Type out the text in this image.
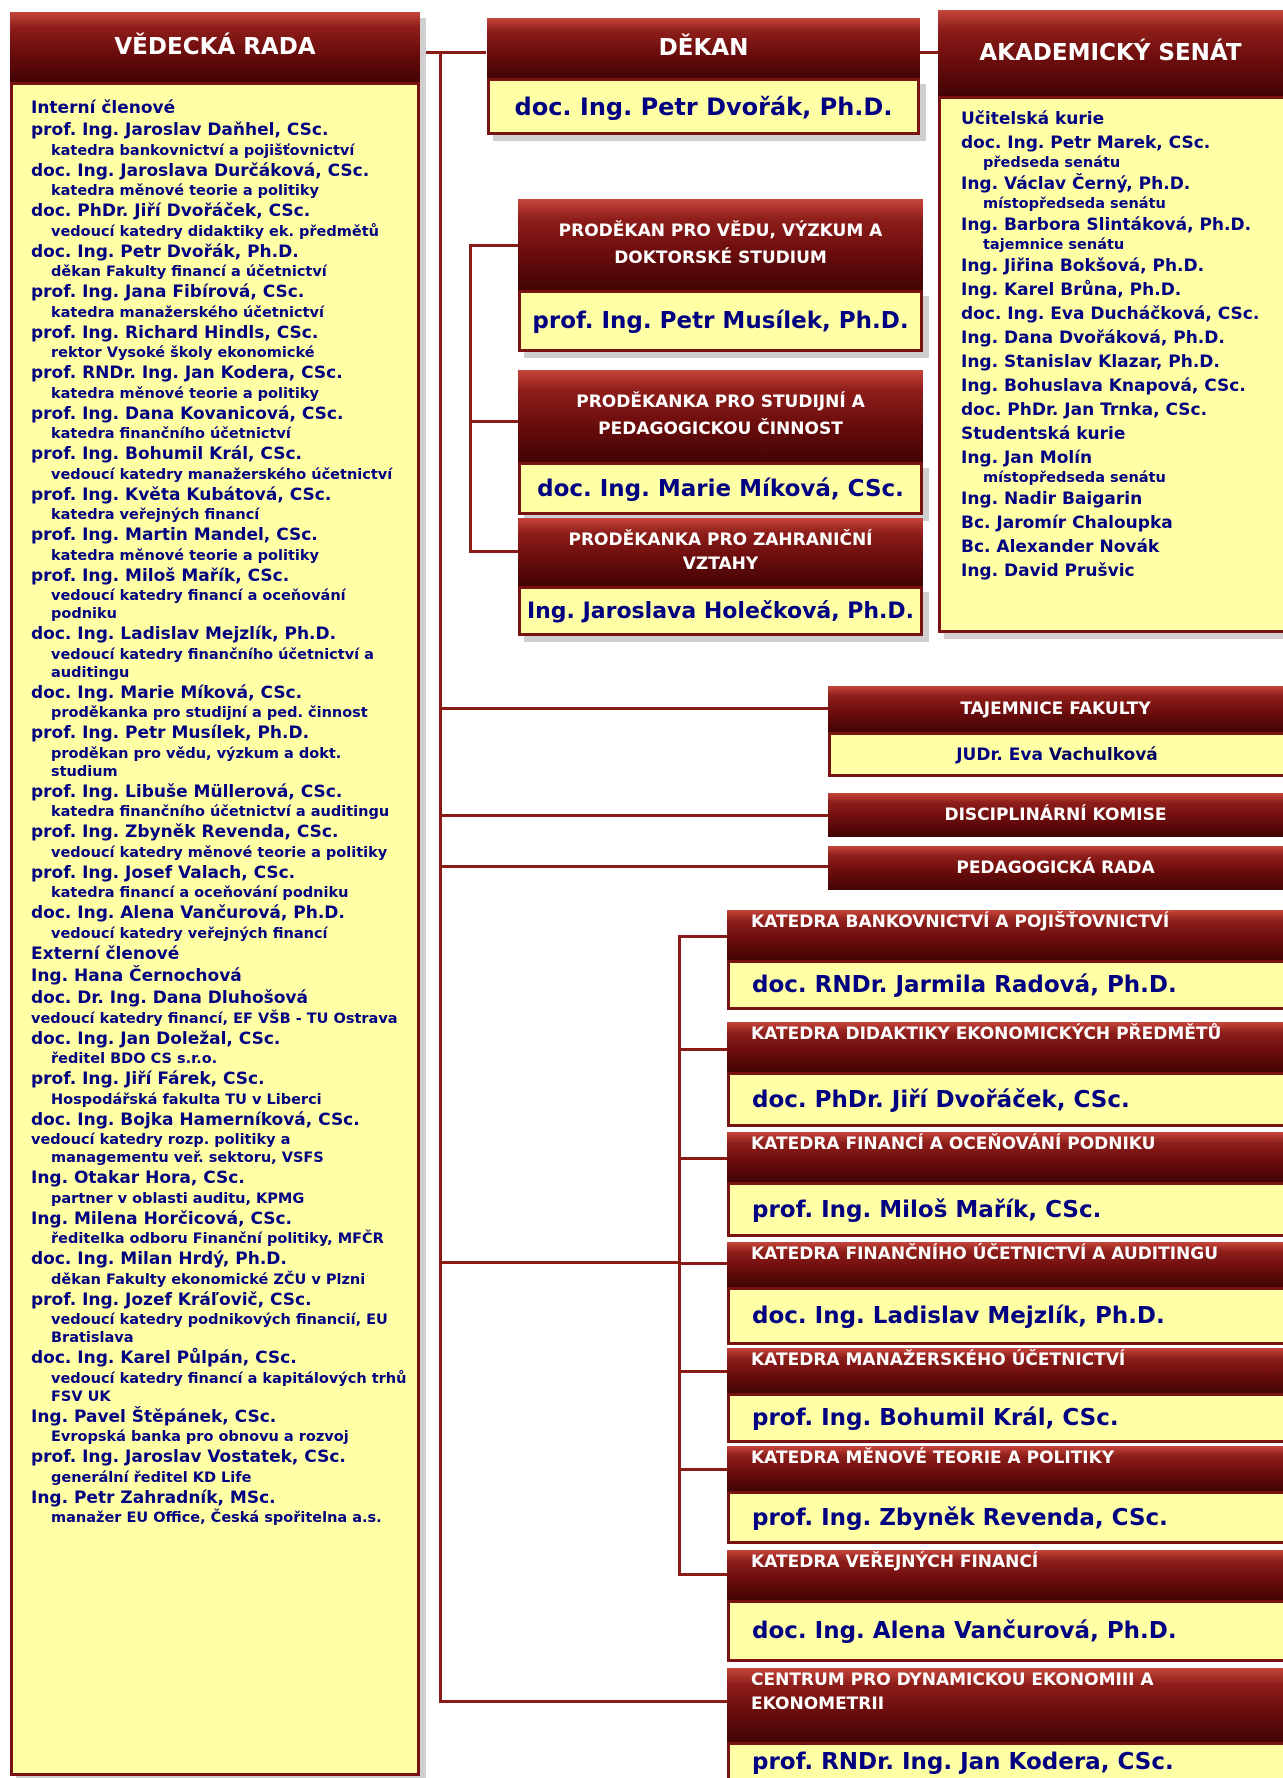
VĚDECKÁ RADA
Interní členové
prof. Ing. Jaroslav Daňhel, CSc.
katedra bankovnictví a pojišťovnictví
doc. Ing. Jaroslava Durčáková, CSc.
katedra měnové teorie a politiky
doc. PhDr. Jiří Dvořáček, CSc.
vedoucí katedry didaktiky ek. předmětů
doc. Ing. Petr Dvořák, Ph.D.
děkan Fakulty financí a účetnictví
prof. Ing. Jana Fibírová, CSc.
katedra manažerského účetnictví
prof. Ing. Richard Hindls, CSc.
rektor Vysoké školy ekonomické
prof. RNDr. Ing. Jan Kodera, CSc.
katedra měnové teorie a politiky
prof. Ing. Dana Kovanicová, CSc.
katedra finančního účetnictví
prof. Ing. Bohumil Král, CSc.
vedoucí katedry manažerského účetnictví
prof. Ing. Květa Kubátová, CSc.
katedra veřejných financí
prof. Ing. Martin Mandel, CSc.
katedra měnové teorie a politiky
prof. Ing. Miloš Mařík, CSc.
vedoucí katedry financí a oceňování
podniku
doc. Ing. Ladislav Mejzlík, Ph.D.
vedoucí katedry finančního účetnictví a
auditingu
doc. Ing. Marie Míková, CSc.
proděkanka pro studijní a ped. činnost
prof. Ing. Petr Musílek, Ph.D.
proděkan pro vědu, výzkum a dokt.
studium
prof. Ing. Libuše Müllerová, CSc.
katedra finančního účetnictví a auditingu
prof. Ing. Zbyněk Revenda, CSc.
vedoucí katedry měnové teorie a politiky
prof. Ing. Josef Valach, CSc.
katedra financí a oceňování podniku
doc. Ing. Alena Vančurová, Ph.D.
vedoucí katedry veřejných financí
Externí členové
Ing. Hana Černochová
doc. Dr. Ing. Dana Dluhošová
vedoucí katedry financí, EF VŠB - TU Ostrava
doc. Ing. Jan Doležal, CSc.
ředitel BDO CS s.r.o.
prof. Ing. Jiří Fárek, CSc.
Hospodářská fakulta TU v Liberci
doc. Ing. Bojka Hamerníková, CSc.
vedoucí katedry rozp. politiky a
managementu veř. sektoru, VSFS
Ing. Otakar Hora, CSc.
partner v oblasti auditu, KPMG
Ing. Milena Horčicová, CSc.
ředitelka odboru Finanční politiky, MFČR
doc. Ing. Milan Hrdý, Ph.D.
děkan Fakulty ekonomické ZČU v Plzni
prof. Ing. Jozef Kráľovič, CSc.
vedoucí katedry podnikových financií, EU
Bratislava
doc. Ing. Karel Půlpán, CSc.
vedoucí katedry financí a kapitálových trhů
FSV UK
Ing. Pavel Štěpánek, CSc.
Evropská banka pro obnovu a rozvoj
prof. Ing. Jaroslav Vostatek, CSc.
generální ředitel KD Life
Ing. Petr Zahradník, MSc.
manažer EU Office, Česká spořitelna a.s.
DĚKAN
doc. Ing. Petr Dvořák, Ph.D.
PRODĚKAN PRO VĚDU, VÝZKUM A
DOKTORSKÉ STUDIUM
prof. Ing. Petr Musílek, Ph.D.
PRODĚKANKA PRO STUDIJNÍ A
PEDAGOGICKOU ČINNOST
doc. Ing. Marie Míková, CSc.
PRODĚKANKA PRO ZAHRANIČNÍ
VZTAHY
Ing. Jaroslava Holečková, Ph.D.
AKADEMICKÝ SENÁT
Učitelská kurie
doc. Ing. Petr Marek, CSc.
předseda senátu
Ing. Václav Černý, Ph.D.
místopředseda senátu
Ing. Barbora Slintáková, Ph.D.
tajemnice senátu
Ing. Jiřina Bokšová, Ph.D.
Ing. Karel Brůna, Ph.D.
doc. Ing. Eva Ducháčková, CSc.
Ing. Dana Dvořáková, Ph.D.
Ing. Stanislav Klazar, Ph.D.
Ing. Bohuslava Knapová, CSc.
doc. PhDr. Jan Trnka, CSc.
Studentská kurie
Ing. Jan Molín
místopředseda senátu
Ing. Nadir Baigarin
Bc. Jaromír Chaloupka
Bc. Alexander Novák
Ing. David Prušvic
TAJEMNICE FAKULTY
JUDr. Eva
Vachulková
DISCIPLINÁRNÍ KOMISE
PEDAGOGICKÁ RADA
KATEDRA BANKOVNICTVÍ A POJIŠŤOVNICTVÍ
doc. RNDr. Jarmila Radová, Ph.D.
KATEDRA DIDAKTIKY EKONOMICKÝCH PŘEDMĚTŮ
doc. PhDr. Jiří Dvořáček, CSc.
KATEDRA FINANCÍ A OCEŇOVÁNÍ PODNIKU
prof. Ing. Miloš Mařík, CSc.
KATEDRA FINANČNÍHO ÚČETNICTVÍ A AUDITINGU
doc. Ing. Ladislav Mejzlík, Ph.D.
KATEDRA MANAŽERSKÉHO ÚČETNICTVÍ
prof. Ing. Bohumil Král, CSc.
KATEDRA MĚNOVÉ TEORIE A POLITIKY
prof. Ing. Zbyněk Revenda, CSc.
KATEDRA VEŘEJNÝCH FINANCÍ
doc. Ing. Alena Vančurová, Ph.D.
CENTRUM PRO DYNAMICKOU EKONOMIII A
EKONOMETRII
prof. RNDr. Ing. Jan Kodera, CSc.
